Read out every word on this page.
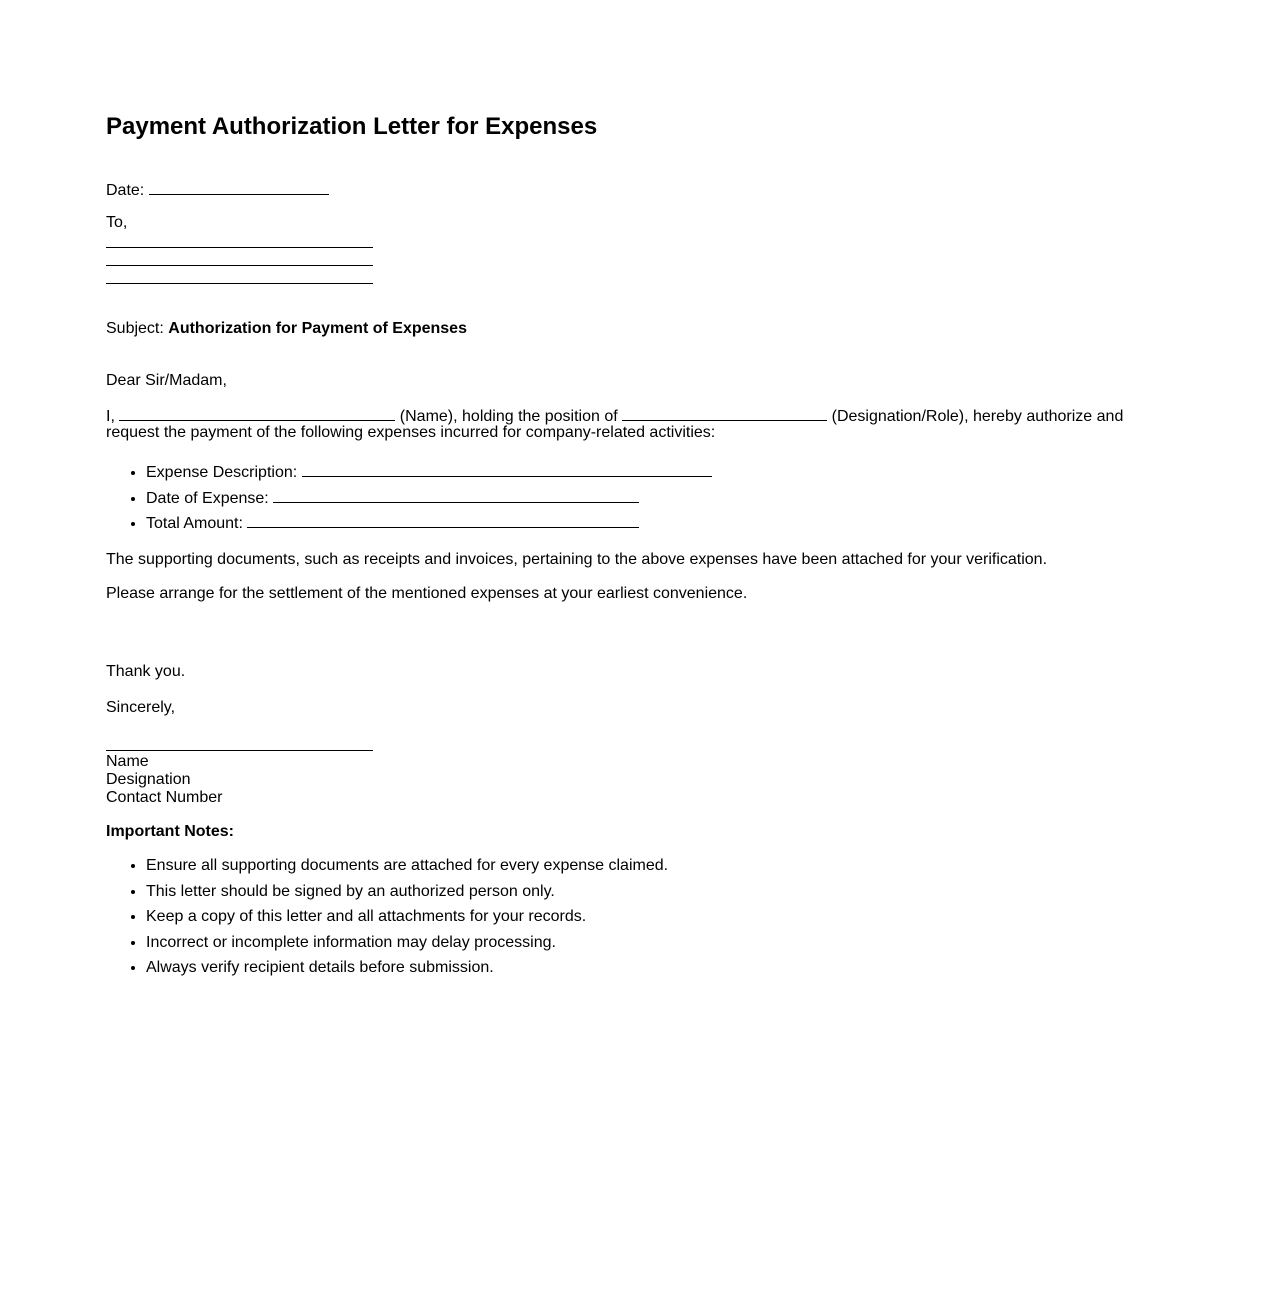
Payment Authorization Letter for Expenses
Date:
To,
Subject: Authorization for Payment of Expenses
Dear Sir/Madam,
I,	(Name), holding the position of	(Designation/Role), hereby authorize and
request the payment of the following expenses incurred for company-related activities:
• Expense Description:
• Date of Expense:
• Total Amount:
The supporting documents, such as receipts and invoices, pertaining to the above expenses have been attached for your verification.
Please arrange for the settlement of the mentioned expenses at your earliest convenience.
Thank you.
Sincerely,
Name
Designation
Contact Number
Important Notes:
• Ensure all supporting documents are attached for every expense claimed.
• This letter should be signed by an authorized person only.
• Keep a copy of this letter and all attachments for your records.
• Incorrect or incomplete information may delay processing.
• Always verify recipient details before submission.
